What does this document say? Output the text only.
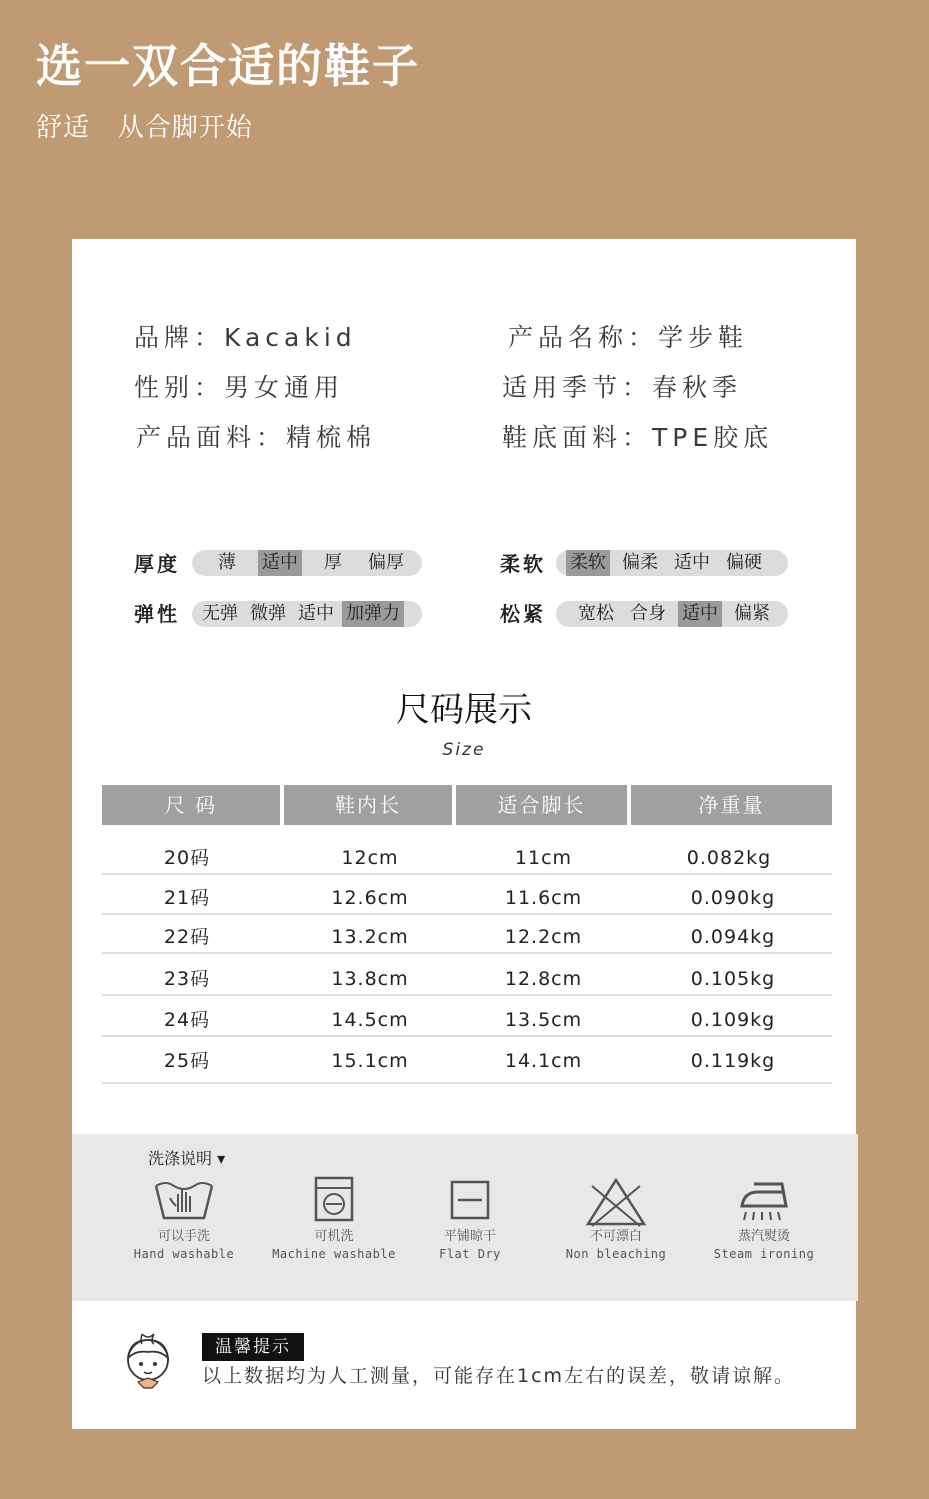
选一双合适的鞋子
舒适   从合脚开始
品牌：Kacakid	产品名称：学步鞋
性别：男女通用	适用季节：春秋季
产品面料：精梳棉	鞋底面料：TPE胶底
厚度 薄 适中 厚 偏厚	柔软 柔软 偏柔 适中 偏硬
弹性 无弹 微弹 适中 加弹力	松紧 宽松 合身 适中 偏紧
尺码展示
Size
尺 码	鞋内长	适合脚长	净重量
20码	12cm	11cm	0.082kg
21码	12.6cm	11.6cm	0.090kg
22码	13.2cm	12.2cm	0.094kg
23码	13.8cm	12.8cm	0.105kg
24码	14.5cm	13.5cm	0.109kg
25码	15.1cm	14.1cm	0.119kg
洗涤说明 ▾
可以手洗
Hand washable
可机洗
Machine washable
平铺晾干
Flat Dry
不可漂白
Non bleaching
蒸汽熨烫
Steam ironing
温馨提示
以上数据均为人工测量，可能存在1cm左右的误差，敬请谅解。
